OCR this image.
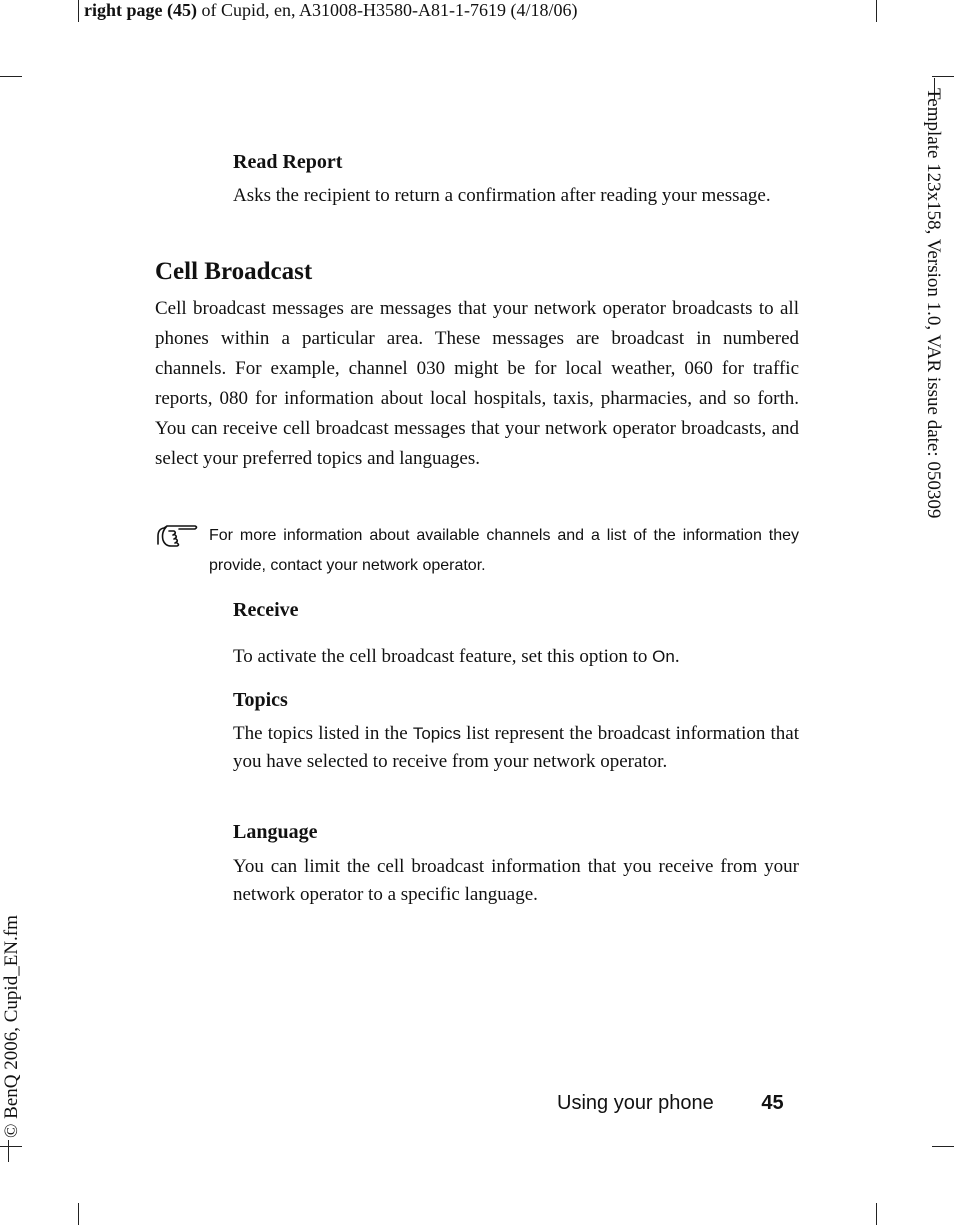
right page (45) of Cupid, en, A31008-H3580-A81-1-7619 (4/18/06)
Template 123x158, Version 1.0, VAR issue date: 050309
© BenQ 2006, Cupid_EN.fm
Read Report
Asks the recipient to return a confirmation after reading your message.
Cell Broadcast
Cell broadcast messages are messages that your network operator broadcasts to all phones within a particular area. These messages are broadcast in numbered channels. For example, channel 030 might be for local weather, 060 for traffic reports, 080 for information about local hospitals, taxis, pharmacies, and so forth. You can receive cell broadcast messages that your network operator broadcasts, and select your preferred topics and languages.
For more information about available channels and a list of the information they provide, contact your network operator.
Receive
To activate the cell broadcast feature, set this option to On.
Topics
The topics listed in the Topics list represent the broadcast information that you have selected to receive from your network operator.
Language
You can limit the cell broadcast information that you receive from your network operator to a specific language.
Using your phone 45
